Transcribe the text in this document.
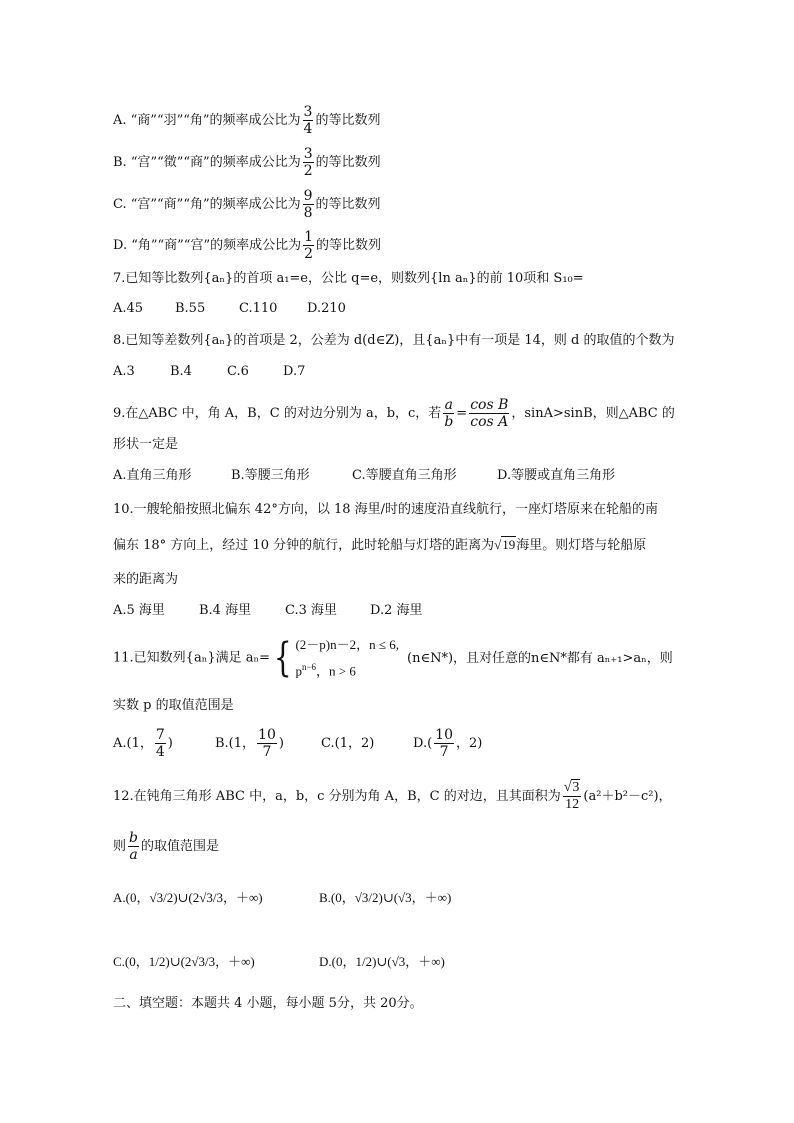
A. “商”“羽”“角”的频率成公比为 $\frac{3}{4}$ 的等比数列
B. “宫”“徵”“商”的频率成公比为 $\frac{3}{2}$ 的等比数列
C. “宫”“商”“角”的频率成公比为 $\frac{9}{8}$ 的等比数列
D. “角”“商”“宫”的频率成公比为 $\frac{1}{2}$ 的等比数列
7.已知等比数列{aₙ}的首项 a₁=e，公比 q=e，则数列{ln aₙ}的前 10项和 S₁₀=
A.45 B.55	C.110 D.210
8.已知等差数列{aₙ}的首项是 2，公差为 d(d∈Z)，且{aₙ}中有一项是 14，则 d 的取值的个数为
A.3	B.4	C.6	D.7
9.在△ABC 中，角 A，B，C 的对边分别为 a，b，c，若 $\frac{a}{b} = \frac{\text{cos B}}{\text{cos A}}$ ，sinA>sinB，则△ABC 的
形状一定是
A.直角三角形	B.等腰三角形	C.等腰直角三角形	D.等腰或直角三角形
10.一艘轮船按照北偏东 42°方向，以 18 海里/时的速度沿直线航行，一座灯塔原来在轮船的南
偏东 18° 方向上，经过 10 分钟的航行，此时轮船与灯塔的距离为√19海里。则灯塔与轮船原
来的距离为
A.5 海里	B.4 海里	C.3 海里	D.2 海里
11.已知数列{aₙ}满足 aₙ={ (2－p)n－2，n ≤ 6,
$p^{n-6}$，n > 6
(n∈N*)，且对任意的n∈N*都有 aₙ₊₁>aₙ，则
实数 p 的取值范围是
A.(1， $\frac{7}{4}$ )	B.(1， $\frac{10}{7}$ )	C.(1，2)	$D.( \frac{10}{7}$ ，2)
12.在钝角三角形 ABC 中，a，b，c 分别为角 A，B，C 的对边，且其面积为 $\frac{√3}{12} (a^2+b^2-c^2)$，
则 $\frac{b}{a}$ 的取值范围是
A.(0，√3/2)∪(2√3/3，＋∞)	B.(0，√3/2)∪(√3，＋∞)
C.(0，1/2)∪(2√3/3，＋∞)	D.(0，1/2)∪(√3，＋∞)
二、填空题：本题共 4 小题，每小题 5分，共 20分。
